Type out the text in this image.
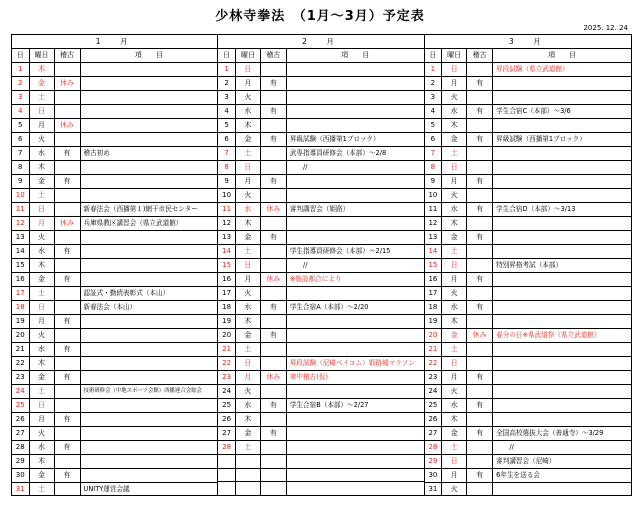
少林寺拳法　（1月～3月）予定表
2025. 12. 24
1　月			
日	曜日	稽古	項　　目
1	木		
2	金	休み	
3	土		
4	日		
5	月	休み	
6	火		
7	水	有	稽古初め
8	木		
9	金	有	
10	土		
11	日		新春法会（西播第１)網干市民センター
12	月	休み	兵庫県教区講習会（県立武道館）
13	火		
14	水	有	
15	木		
16	金	有	
17	土		認証式・勤続表彰式（本山）
18	日		新春法会（本山）
19	月	有	
20	火		
21	水	有	
22	木		
23	金	有	
24	土		技術研修会（中地スポーツ会館）西播連合会総会
25	日		
26	月	有	
27	火		
28	水	有	
29	木		
30	金	有	
31	土		UNITY運営会議
2　月			
日	曜日	稽古	項　　目
1	日		
2	月	有	
3	火		
4	水	有	
5	木		
6	金	有	昇級試験（西播第1ブロック）
7	土		武専指導員研修会（本部）～2/8
8	日		　　//
9	月	有	
10	火		
11	水	休み	審判講習会（姫路）
12	木		
13	金	有	
14	土		学生指導員研修会（本部）～2/15
15	日		　　//
16	月	休み	※施設都合により
17	火		
18	水	有	学生合宿A（本部）～2/20
19	木		
20	金	有	
21	土		
22	日		昇段試験（尼崎ベイコム）姫路城マラソン
23	月	休み	寒中稽古(仮)
24	火		
25	水	有	学生合宿B（本部）～2/27
26	木		
27	金	有	
28	土		

3　月			
日	曜日	稽古	項　　目
1	日		昇段試験（県立武道館）
2	月	有	
3	火		
4	水	有	学生合宿C（本部）～3/6
5	木		
6	金	有	昇級試験（西播第1ブロック）
7	土		
8	日		
9	月	有	
10	火		
11	水	有	学生合宿D（本部）～3/13
12	木		
13	金	有	
14	土		
15	日		特別昇格考試（本部）
16	月	有	
17	火		
18	水	有	
19	木		
20	金	休み	春分の日※県武道祭（県立武道館）
21	土		
22	日		
23	月	有	
24	火		
25	水	有	
26	木		
27	金	有	全国高校選抜大会（善通寺）～3/29
28	土		　　//
29	日		審判講習会（尼崎）
30	月	有	6年生を送る会
31	火		
